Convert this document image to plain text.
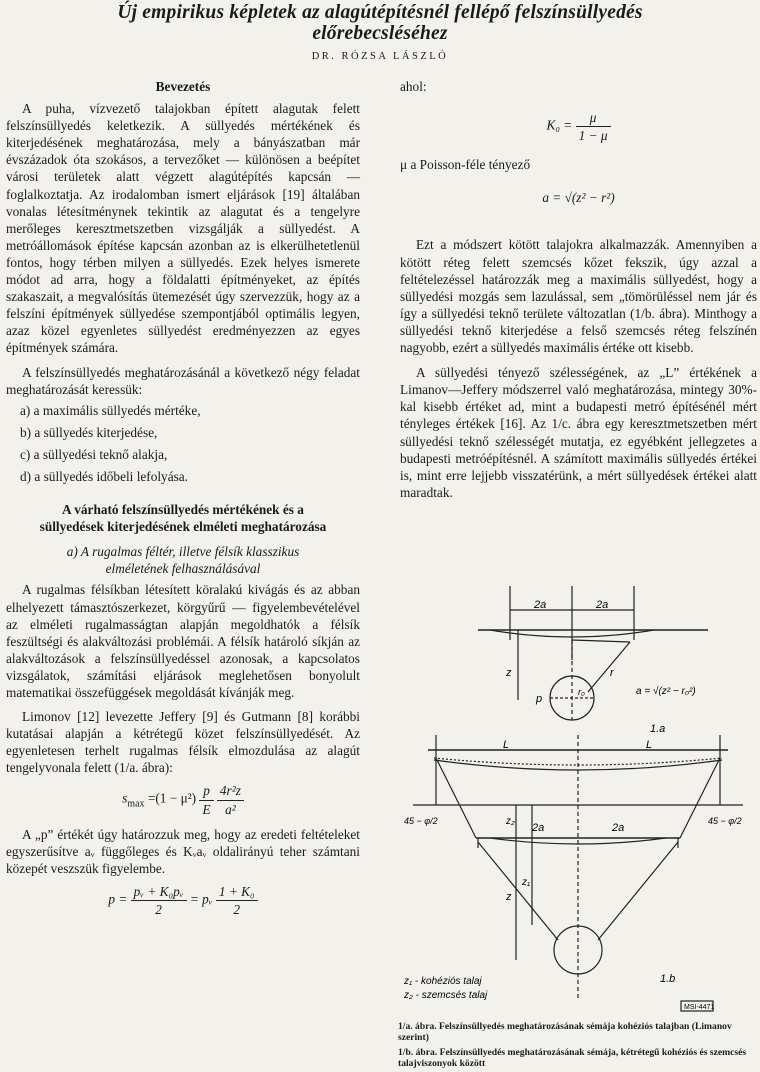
Új empirikus képletek az alagútépítésnél fellépő felszínsüllyedés
előrebecsléséhez
DR. RÓZSA LÁSZLÓ
Bevezetés

A puha, vízvezető talajokban épített alagutak felett felszínsüllyedés keletkezik. A süllyedés mértékének és kiterjedésének meghatározása, mely a bányászatban már évszázadok óta szokásos, a tervezőket — különösen a beépítet városi területek alatt végzett alagútépítés kapcsán — foglalkoztatja. Az irodalomban ismert eljárások [19] általában vonalas létesítménynek tekintik az alagutat és a tengelyre merőleges keresztmetszetben vizsgálják a süllyedést. A metróállomások építése kapcsán azonban az is elkerülhetetlenül fontos, hogy térben milyen a süllyedés. Ezek helyes ismerete módot ad arra, hogy a földalatti építményeket, az építés szakaszait, a megvalósítás ütemezését úgy szervezzük, hogy az a felszíni építmények süllyedése szempontjából optimális legyen, azaz közel egyenletes süllyedést eredményezzen az egyes építmények számára.

A felszínsüllyedés meghatározásánál a következő négy feladat meghatározását keressük:

a) a maximális süllyedés mértéke,
b) a süllyedés kiterjedése,
c) a süllyedési teknő alakja,
d) a süllyedés időbeli lefolyása.
A várható felszínsüllyedés mértékének és a
süllyedések kiterjedésének elméleti meghatározása
a) A rugalmas féltér, illetve félsík klasszikus
elméletének felhasználásával

A rugalmas félsíkban létesített köralakú kivágás és az abban elhelyezett támasztószerkezet, körgyűrű — figyelembevételével az elméleti rugalmasságtan alapján megoldhatók a félsík feszültségi és alakváltozási problémái. A félsík határoló síkján az alakváltozások a felszínsüllyedéssel azonosak, a kapcsolatos vizsgálatok, számítási eljárások meglehetősen bonyolult matematikai összefüggések megoldását kívánják meg.

Limonov [12] levezette Jeffery [9] és Gutmann [8] korábbi kutatásai alapján a kétrétegű közet felszínsüllyedését. Az egyenletesen terhelt rugalmas félsík elmozdulása az alagút tengelyvonala felett (1/a. ábra):

$s_{max} =(1 - \mu^2) \frac{p}{E}$
$\frac{\text{4r²z}}{\text{a²}}$

A „p” értékét úgy határozzuk meg, hogy az eredeti feltételeket egyszerűsítve aᵥ függőleges és Kᵥaᵥ oldalirányú teher számtani közepét veszszük figyelembe.

$p = \frac{\text{pᵥ + K₀pᵥ}}{2}$ = pᵥ $\frac{\text{1 + K₀}}{2}$
ahol:
$K_0 = \frac{\mu}{1 - \mu}$
μ a Poisson-féle tényező
a = √(z² − r²)

Ezt a módszert kötött talajokra alkalmazzák. Amennyiben a kötött réteg felett szemcsés kőzet fekszik, úgy azzal a feltételezéssel határozzák meg a maximális süllyedést, hogy a süllyedési mozgás sem lazulással, sem „tömörüléssel nem jár és így a süllyedési teknő területe változatlan (1/b. ábra). Minthogy a süllyedési teknő kiterjedése a felső szemcsés réteg felszínén nagyobb, ezért a süllyedés maximális értéke ott kisebb.

A süllyedési tényező szélességének, az „L” értékének a Limanov—Jeffery módszerrel való meghatározása, mintegy 30%-kal kisebb értéket ad, mint a budapesti metró építésénél mért tényleges értékek [16]. Az 1/c. ábra egy keresztmetszetben mért süllyedési teknő szélességét mutatja, ez egyébként jellegzetes a budapesti metróépítésnél. A számított maximális süllyedés értékei is, mint erre lejjebb visszatérünk, a mért süllyedések értékei alatt maradtak.

2a	2a
z	r
p
r₀	a = √(z² − r₀²)
1.a
L	L
45 − φ/2	45 − φ/2
2a	2a
z₂
z
z₁
1.b
z₁ - kohéziós talaj
z₂ - szemcsés talaj
MSI-4471
1/a. ábra. Felszínsüllyedés meghatározásának sémája kohéziós talajban (Limanov szerint)
1/b. ábra. Felszínsüllyedés meghatározásának sémája, kétrétegű kohéziós és szemcsés talajviszonyok között
